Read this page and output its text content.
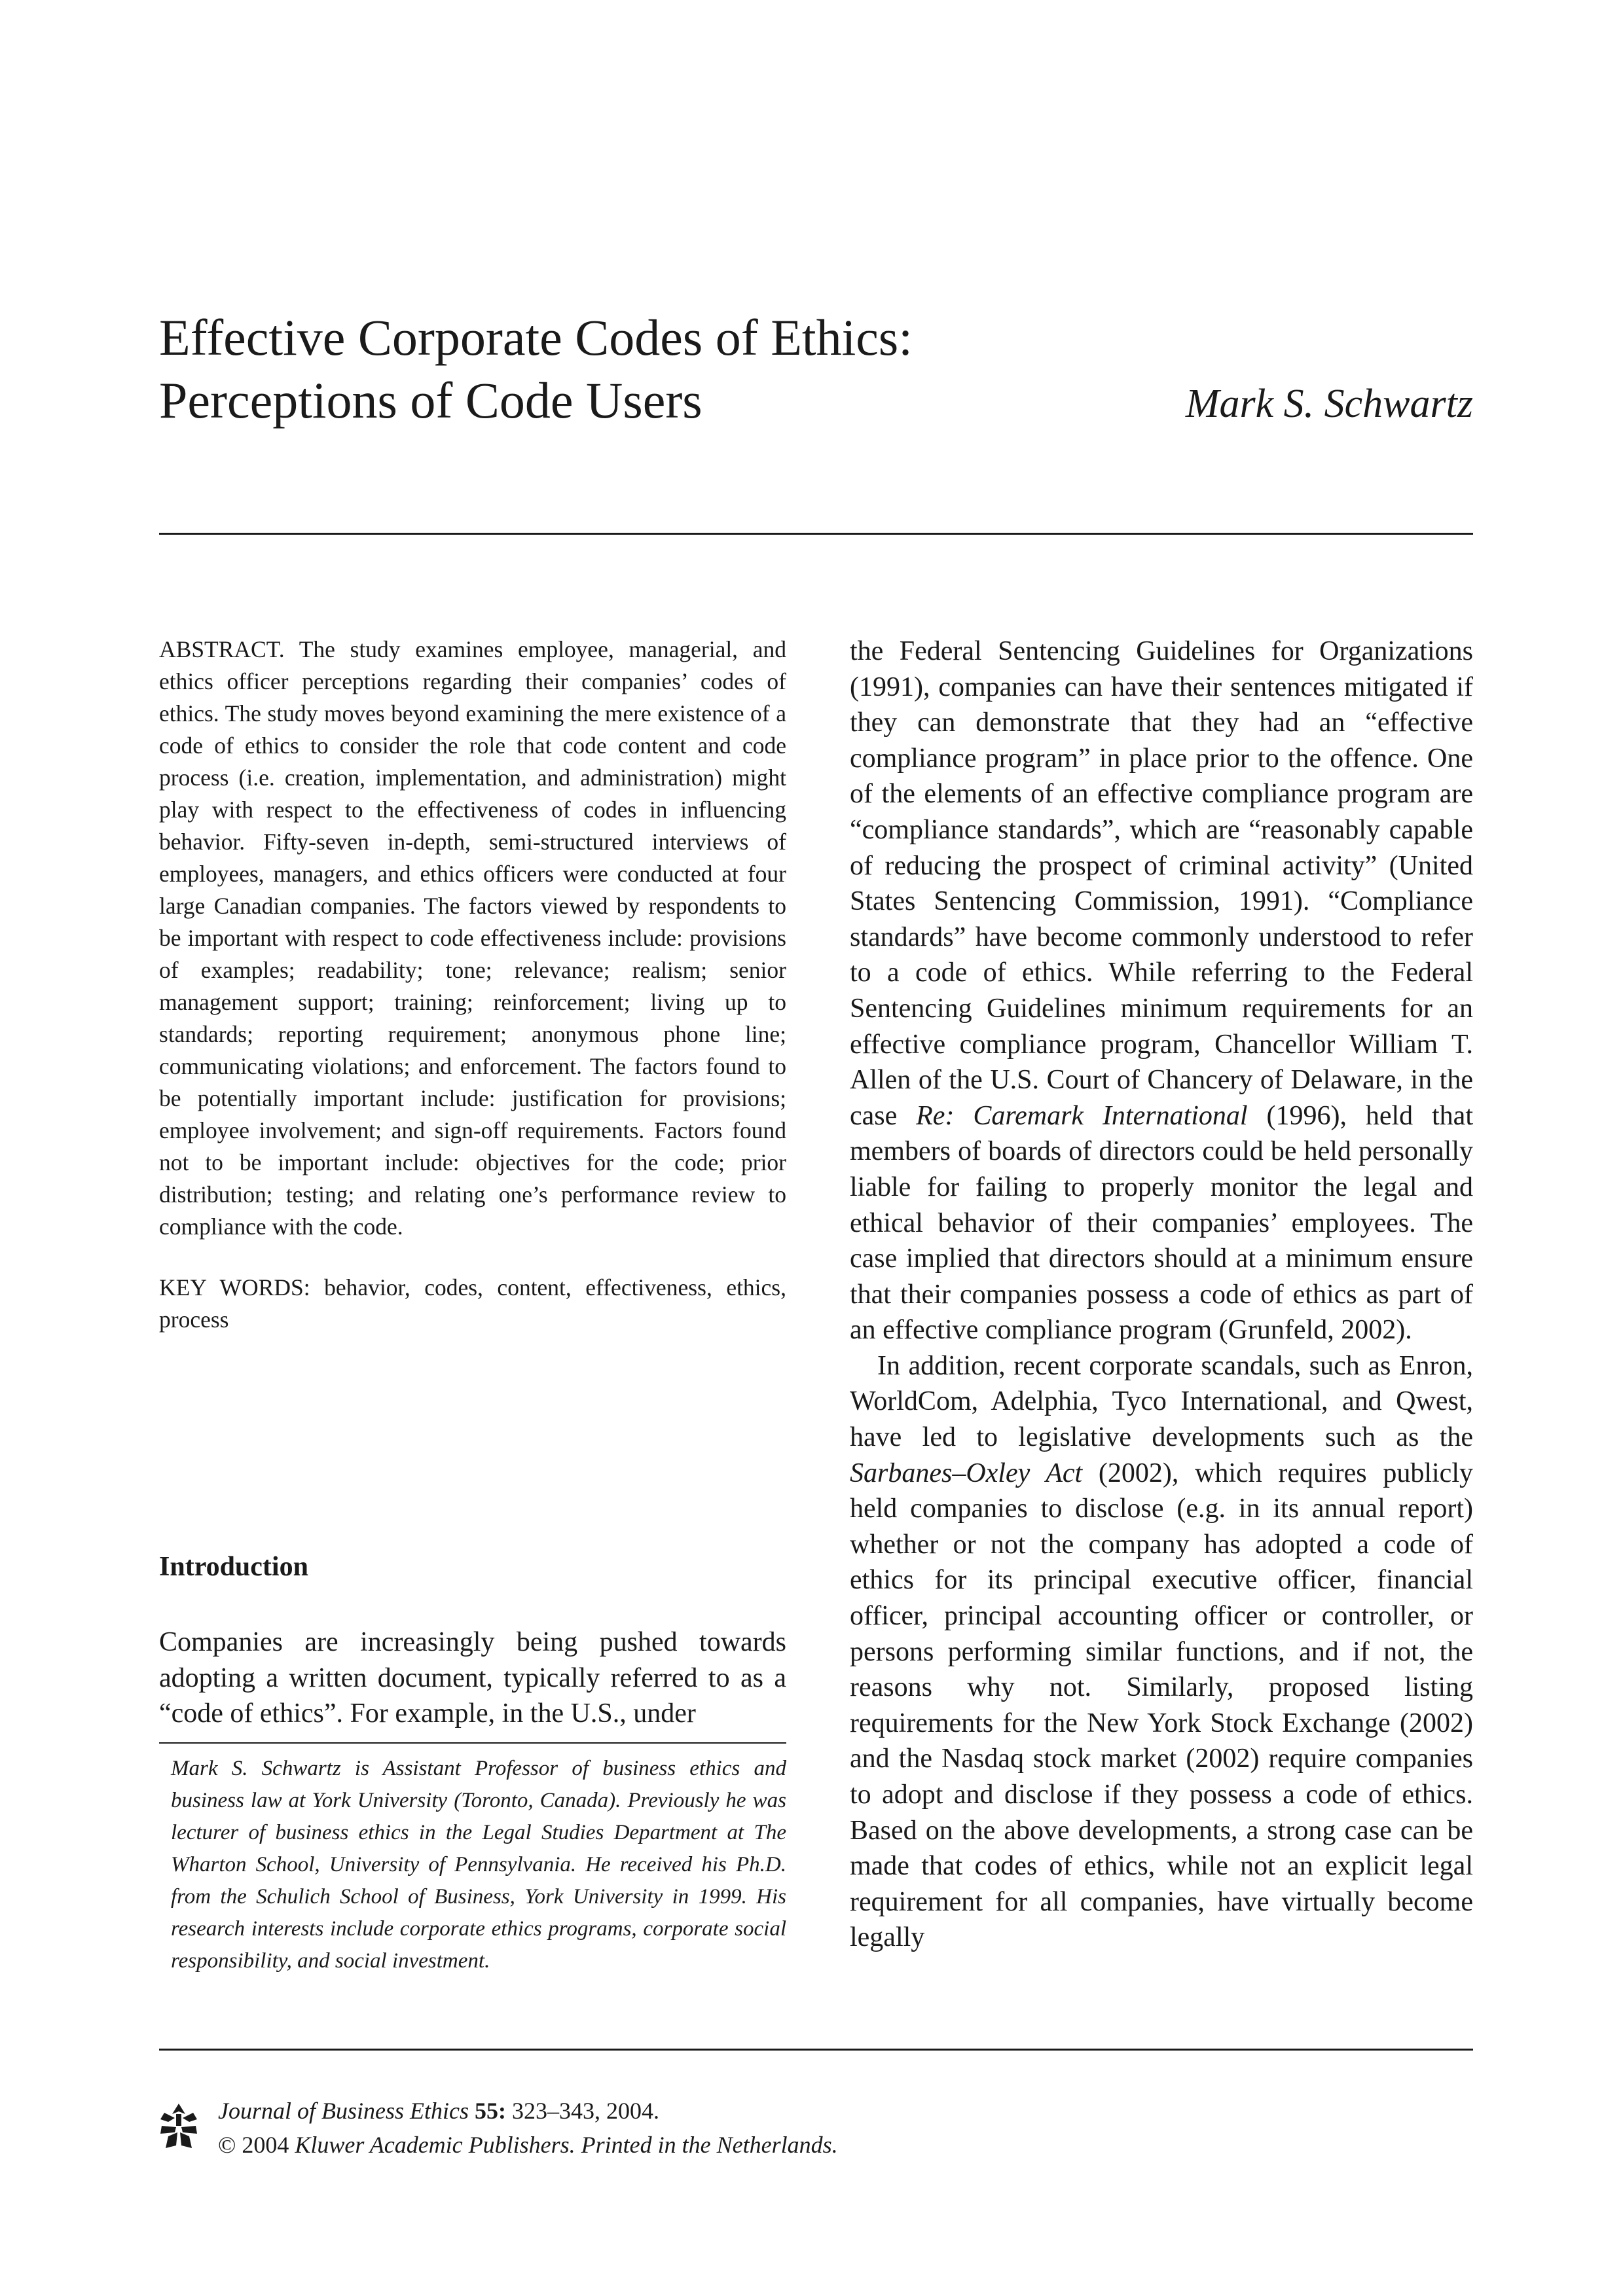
Effective Corporate Codes of Ethics:
Perceptions of Code Users	Mark S. Schwartz

ABSTRACT. The study examines employee, managerial, and ethics officer perceptions regarding their companies’ codes of ethics. The study moves beyond examining the mere existence of a code of ethics to consider the role that code content and code process (i.e. creation, implementation, and administration) might play with respect to the effectiveness of codes in influencing behavior. Fifty-seven in-depth, semi-structured interviews of employees, managers, and ethics officers were conducted at four large Canadian companies. The factors viewed by respondents to be important with respect to code effectiveness include: provisions of examples; readability; tone; relevance; realism; senior management support; training; reinforcement; living up to standards; reporting requirement; anonymous phone line; communicating violations; and enforcement. The factors found to be potentially important include: justification for provisions; employee involvement; and sign-off requirements. Factors found not to be important include: objectives for the code; prior distribution; testing; and relating one’s performance review to compliance with the code.

KEY WORDS: behavior, codes, content, effectiveness, ethics, process

Introduction

Companies are increasingly being pushed towards adopting a written document, typically referred to as a “code of ethics”. For example, in the U.S., under

Mark S. Schwartz is Assistant Professor of business ethics and business law at York University (Toronto, Canada). Previously he was lecturer of business ethics in the Legal Studies Department at The Wharton School, University of Pennsylvania. He received his Ph.D. from the Schulich School of Business, York University in 1999. His research interests include corporate ethics programs, corporate social responsibility, and social investment.

the Federal Sentencing Guidelines for Organizations (1991), companies can have their sentences mitigated if they can demonstrate that they had an “effective compliance program” in place prior to the offence. One of the elements of an effective compliance program are “compliance standards”, which are “reasonably capable of reducing the prospect of criminal activity” (United States Sentencing Commission, 1991). “Compliance standards” have become commonly understood to refer to a code of ethics. While referring to the Federal Sentencing Guidelines minimum requirements for an effective compliance program, Chancellor William T. Allen of the U.S. Court of Chancery of Delaware, in the case Re: Caremark International (1996), held that members of boards of directors could be held personally liable for failing to properly monitor the legal and ethical behavior of their companies’ employees. The case implied that directors should at a minimum ensure that their companies possess a code of ethics as part of an effective compliance program (Grunfeld, 2002).

In addition, recent corporate scandals, such as Enron, WorldCom, Adelphia, Tyco International, and Qwest, have led to legislative developments such as the Sarbanes–Oxley Act (2002), which requires publicly held companies to disclose (e.g. in its annual report) whether or not the company has adopted a code of ethics for its principal executive officer, financial officer, principal accounting officer or controller, or persons performing similar functions, and if not, the reasons why not. Similarly, proposed listing requirements for the New York Stock Exchange (2002) and the Nasdaq stock market (2002) require companies to adopt and disclose if they possess a code of ethics. Based on the above developments, a strong case can be made that codes of ethics, while not an explicit legal requirement for all companies, have virtually become legally

Journal of Business Ethics 55: 323–343, 2004.
© 2004 Kluwer Academic Publishers. Printed in the Netherlands.
